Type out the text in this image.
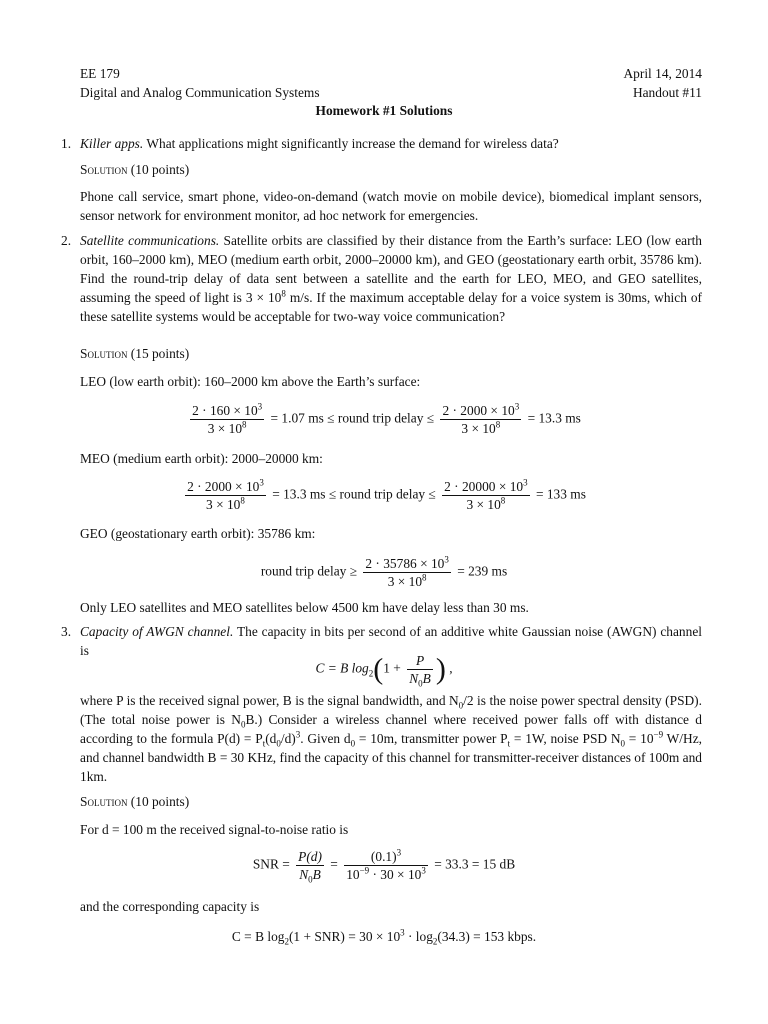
EE 179
Digital and Analog Communication Systems
April 14, 2014
Handout #11
Homework #1 Solutions
1. Killer apps. What applications might significantly increase the demand for wireless data?
Solution (10 points)
Phone call service, smart phone, video-on-demand (watch movie on mobile device), biomedical implant sensors, sensor network for environment monitor, ad hoc network for emergencies.
2. Satellite communications. Satellite orbits are classified by their distance from the Earth’s surface: LEO (low earth orbit, 160–2000 km), MEO (medium earth orbit, 2000–20000 km), and GEO (geostationary earth orbit, 35786 km). Find the round-trip delay of data sent between a satellite and the earth for LEO, MEO, and GEO satellites, assuming the speed of light is $3 \times 10^8$ m/s. If the maximum acceptable delay for a voice system is 30ms, which of these satellite systems would be acceptable for two-way voice communication?
Solution (15 points)
LEO (low earth orbit): 160–2000 km above the Earth’s surface:
$\frac{2 \cdot 160 \times 10^3}{3 \times 10^8} = 1.07$ ms ≤ round trip delay ≤ $\frac{2 \cdot 2000 \times 10^3}{3 \times 10^8} = 13.3$ ms
MEO (medium earth orbit): 2000–20000 km:
$\frac{2 \cdot 2000 \times 10^3}{3 \times 10^8} = 13.3$ ms ≤ round trip delay ≤ $\frac{2 \cdot 20000 \times 10^3}{3 \times 10^8} = 133$ ms
GEO (geostationary earth orbit): 35786 km:
round trip delay ≥ $\frac{2 \cdot 35786 \times 10^3}{3 \times 10^8} = 239$ ms
Only LEO satellites and MEO satellites below 4500 km have delay less than 30 ms.
3. Capacity of AWGN channel. The capacity in bits per second of an additive white Gaussian noise (AWGN) channel is
C = B $\log_2(1 + \frac{P}{N_0B}$ ) ,
where P is the received signal power, B is the signal bandwidth, and $N_0/2$ is the noise power spectral density (PSD). (The total noise power is $N_0B$.) Consider a wireless channel where received power falls off with distance d according to the formula $P(d) = P_t(d_0/d)^3$. Given $d_0 = 10m$, transmitter power $P_t = 1W$, noise PSD $N_0 = 10^{-9}$ W/Hz, and channel bandwidth B = 30 KHz, find the capacity of this channel for transmitter-receiver distances of 100m and 1km.
Solution (10 points)
For d = 100 m the received signal-to-noise ratio is
SNR = $\frac{P(d)}{N_0B} = \frac{(0.1)^3}{10^{-9} \cdot 30 \times 10^3} = 33.3 = 15$ dB
and the corresponding capacity is
C = B $\log_2(1 + SNR) = 30 \times 10^3 \cdot \log_2(34.3) = 153$ kbps.
